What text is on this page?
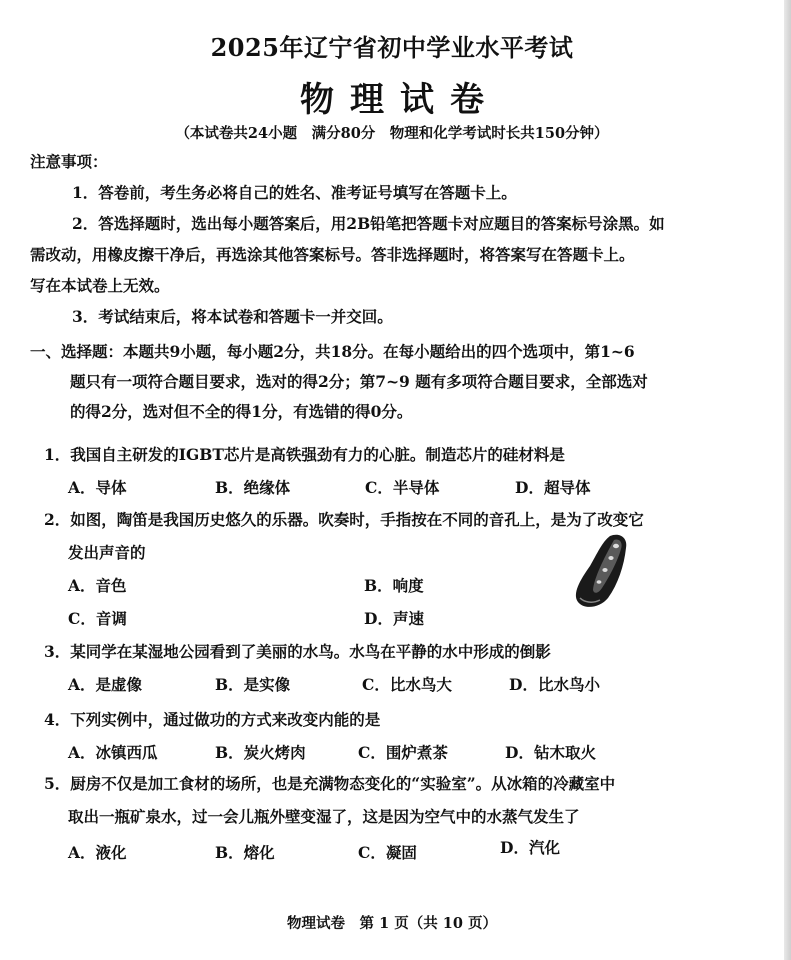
2025年辽宁省初中学业水平考试
物理试卷
（本试卷共24小题　满分80分　物理和化学考试时长共150分钟）
注意事项：
1．答卷前，考生务必将自己的姓名、准考证号填写在答题卡上。
2．答选择题时，选出每小题答案后，用2B铅笔把答题卡对应题目的答案标号涂黑。如
需改动，用橡皮擦干净后，再选涂其他答案标号。答非选择题时，将答案写在答题卡上。
写在本试卷上无效。
3．考试结束后，将本试卷和答题卡一并交回。
一、选择题：本题共9小题，每小题2分，共18分。在每小题给出的四个选项中，第1~6
题只有一项符合题目要求，选对的得2分；第7~9 题有多项符合题目要求，全部选对
的得2分，选对但不全的得1分，有选错的得0分。
1．我国自主研发的IGBT芯片是高铁强劲有力的心脏。制造芯片的硅材料是
A．导体	B．绝缘体	C．半导体	D．超导体
2．如图，陶笛是我国历史悠久的乐器。吹奏时，手指按在不同的音孔上，是为了改变它
发出声音的
A．音色	B．响度
C．音调	D．声速
3．某同学在某湿地公园看到了美丽的水鸟。水鸟在平静的水中形成的倒影
A．是虚像	B．是实像	C．比水鸟大	D．比水鸟小
4．下列实例中，通过做功的方式来改变内能的是
A．冰镇西瓜	B．炭火烤肉	C．围炉煮茶	D．钻木取火
5．厨房不仅是加工食材的场所，也是充满物态变化的“实验室”。从冰箱的冷藏室中
取出一瓶矿泉水，过一会儿瓶外壁变湿了，这是因为空气中的水蒸气发生了
A．液化	B．熔化	C．凝固	D．汽化
物理试卷　第 1 页（共 10 页）
